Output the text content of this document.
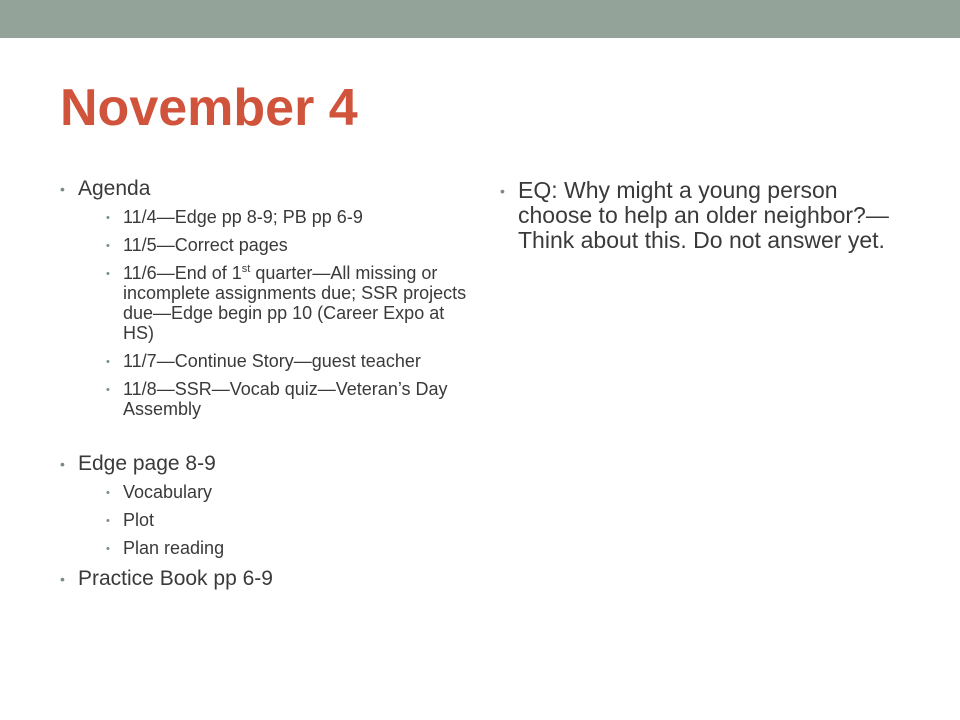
November 4
• Agenda
• 11/4—Edge pp 8-9; PB pp 6-9
• 11/5—Correct pages
• 11/6—End of 1st quarter—All missing or incomplete assignments due; SSR projects due—Edge begin pp 10 (Career Expo at HS)
• 11/7—Continue Story—guest teacher
• 11/8—SSR—Vocab quiz—Veteran’s Day Assembly
• Edge page 8-9
• Vocabulary
• Plot
• Plan reading
• Practice Book pp 6-9
• EQ: Why might a young person choose to help an older neighbor?—Think about this. Do not answer yet.
